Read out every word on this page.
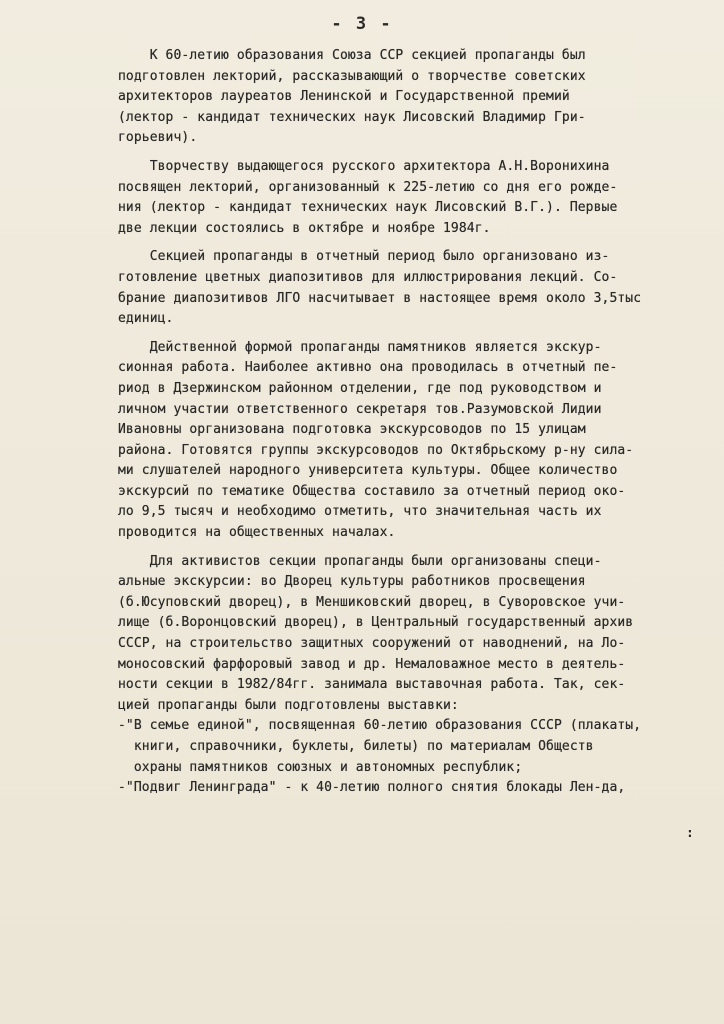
- 3 -
К 60-летию образования Союза ССР секцией пропаганды был
подготовлен лекторий, рассказывающий о творчестве советских
архитекторов лауреатов Ленинской и Государственной премий
(лектор - кандидат технических наук Лисовский Владимир Гри-
горьевич).
Творчеству выдающегося русского архитектора А.Н.Воронихина
посвящен лекторий, организованный к 225-летию со дня его рожде-
ния (лектор - кандидат технических наук Лисовский В.Г.). Первые
две лекции состоялись в октябре и ноябре 1984г.
Секцией пропаганды в отчетный период было организовано из-
готовление цветных диапозитивов для иллюстрирования лекций. Со-
брание диапозитивов ЛГО насчитывает в настоящее время около 3,5тыс
единиц.
Действенной формой пропаганды памятников является экскур-
сионная работа. Наиболее активно она проводилась в отчетный пе-
риод в Дзержинском районном отделении, где под руководством и
личном участии ответственного секретаря тов.Разумовской Лидии
Ивановны организована подготовка экскурсоводов по 15 улицам
района. Готовятся группы экскурсоводов по Октябрьскому р-ну сила-
ми слушателей народного университета культуры. Общее количество
экскурсий по тематике Общества составило за отчетный период око-
ло 9,5 тысяч и необходимо отметить, что значительная часть их
проводится на общественных началах.
Для активистов секции пропаганды были организованы специ-
альные экскурсии: во Дворец культуры работников просвещения
(б.Юсуповский дворец), в Меншиковский дворец, в Суворовское учи-
лище (б.Воронцовский дворец), в Центральный государственный архив
СССР, на строительство защитных сооружений от наводнений, на Ло-
моносовский фарфоровый завод и др. Немаловажное место в деятель-
ности секции в 1982/84гг. занимала выставочная работа. Так, сек-
цией пропаганды были подготовлены выставки:
-"В семье единой", посвященная 60-летию образования СССР (плакаты,
книги, справочники, буклеты, билеты) по материалам Обществ
охраны памятников союзных и автономных республик;
-"Подвиг Ленинграда" - к 40-летию полного снятия блокады Лен-да,
:
